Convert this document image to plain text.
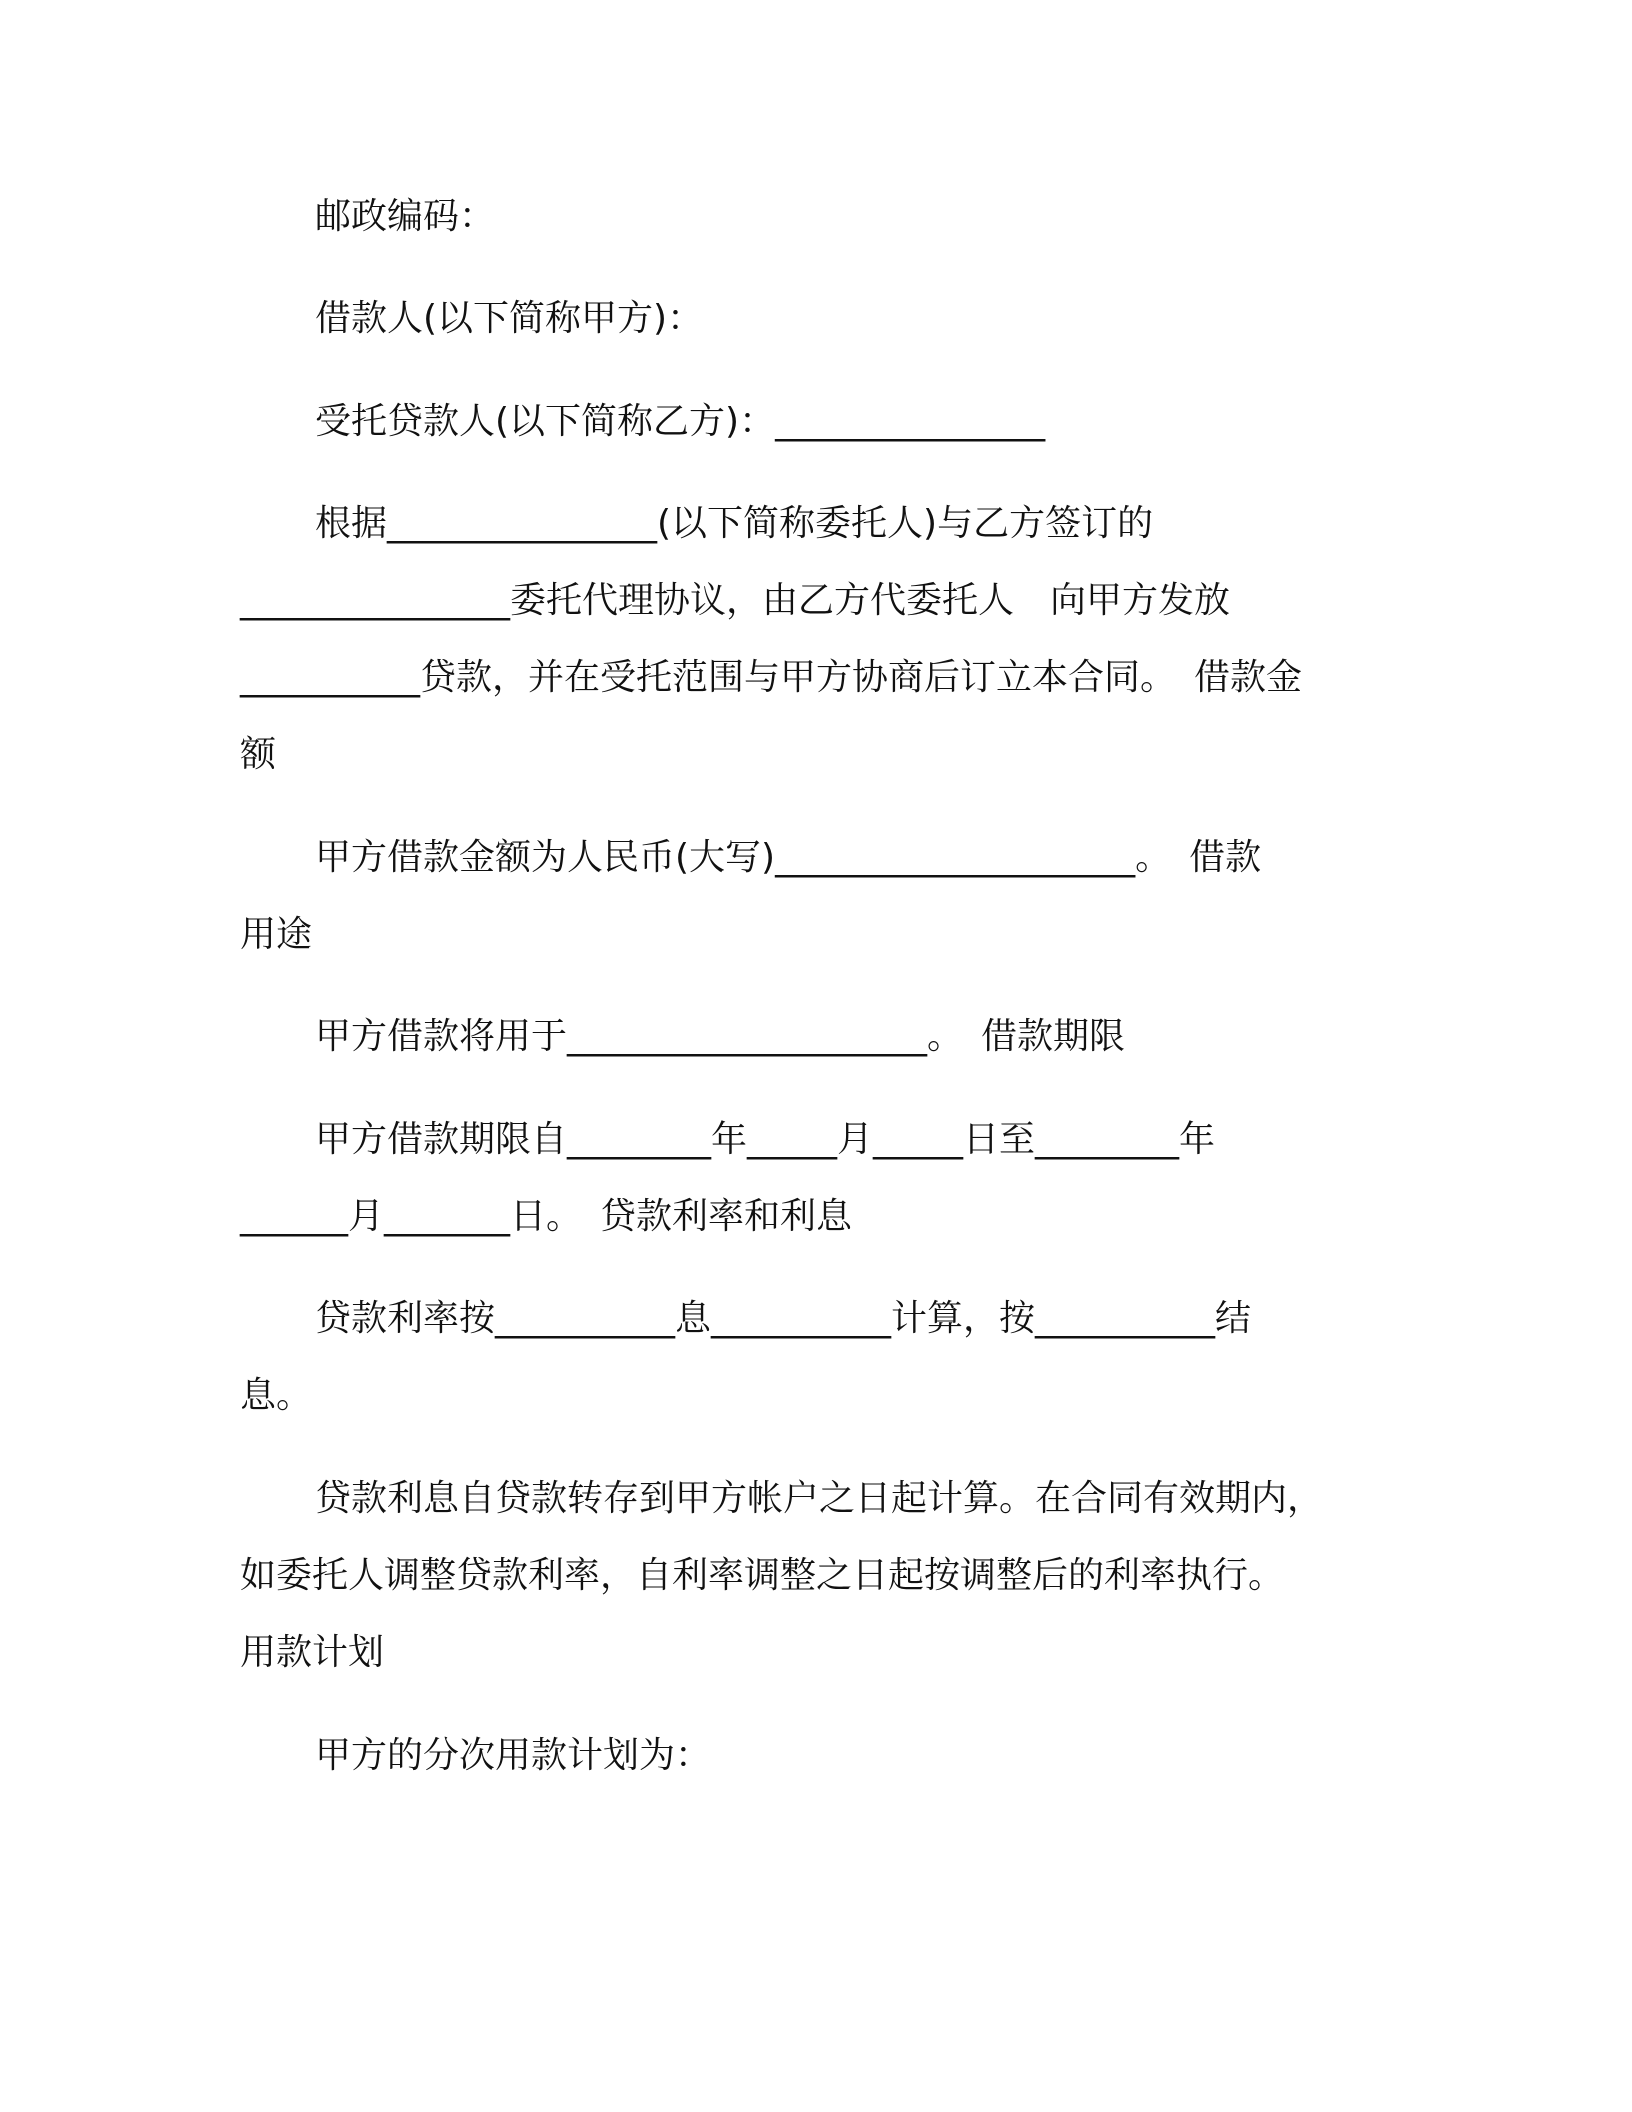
邮政编码：
借款人(以下简称甲方)：
受托贷款人(以下简称乙方)：_______________
根据_______________(以下简称委托人)与乙方签订的
_______________委托代理协议，由乙方代委托人　向甲方发放
__________贷款，并在受托范围与甲方协商后订立本合同。　借款金
额
甲方借款金额为人民币(大写)____________________。　借款
用途
甲方借款将用于____________________。　借款期限
甲方借款期限自________年_____月_____日至________年
______月_______日。　贷款利率和利息
贷款利率按__________息__________计算，按__________结
息。
贷款利息自贷款转存到甲方帐户之日起计算。在合同有效期内，
如委托人调整贷款利率，自利率调整之日起按调整后的利率执行。
用款计划
甲方的分次用款计划为：
